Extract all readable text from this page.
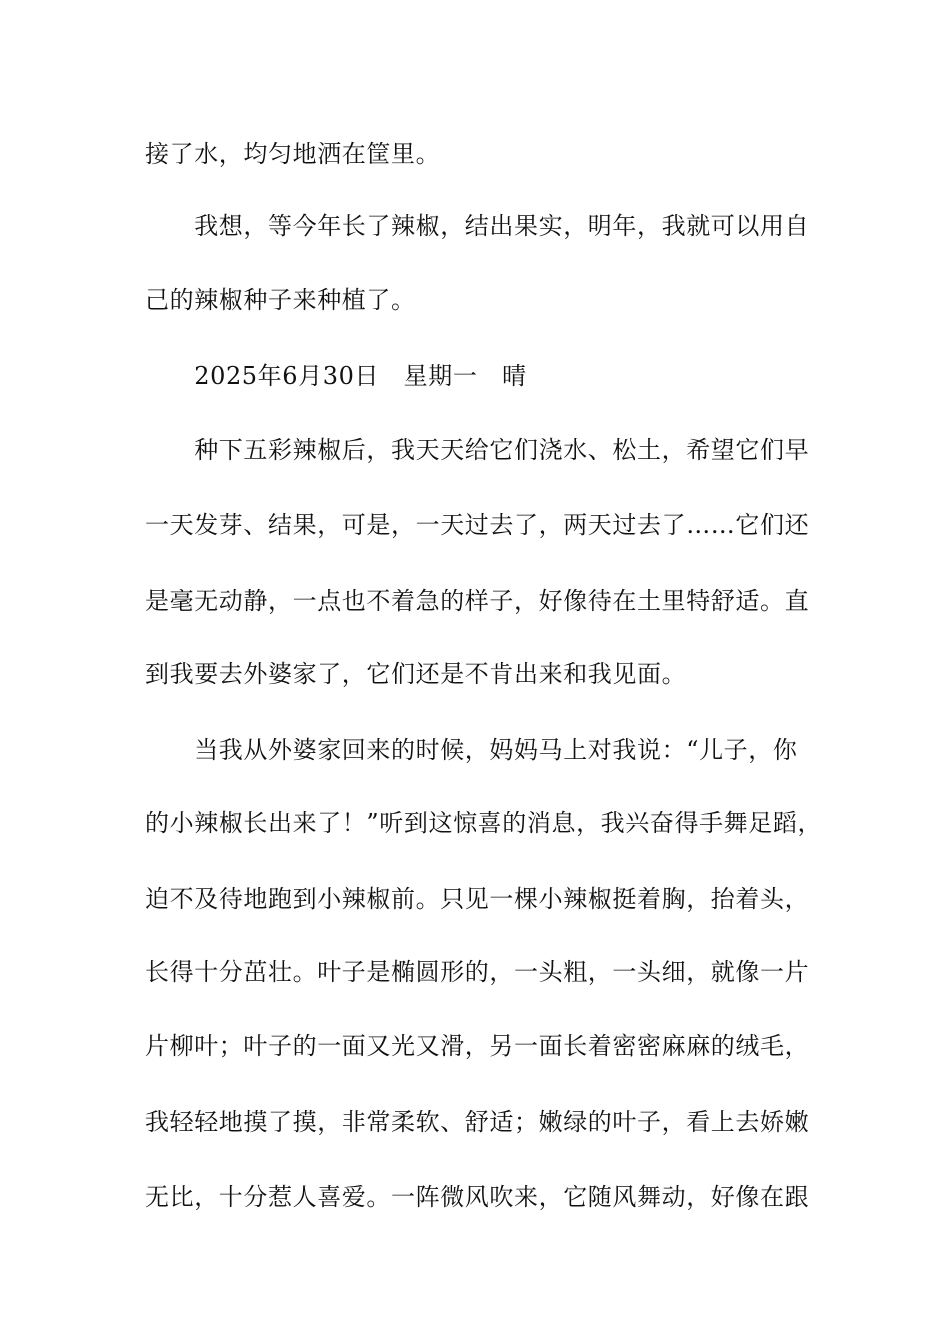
接了水，均匀地洒在筐里。
　　我想，等今年长了辣椒，结出果实，明年，我就可以用自
己的辣椒种子来种植了。
　　2025年6月30日　星期一　晴
　　种下五彩辣椒后，我天天给它们浇水、松土，希望它们早
一天发芽、结果，可是，一天过去了，两天过去了……它们还
是毫无动静，一点也不着急的样子，好像待在土里特舒适。直
到我要去外婆家了，它们还是不肯出来和我见面。
　　当我从外婆家回来的时候，妈妈马上对我说：“儿子，你
的小辣椒长出来了！”听到这惊喜的消息，我兴奋得手舞足蹈，
迫不及待地跑到小辣椒前。只见一棵小辣椒挺着胸，抬着头，
长得十分茁壮。叶子是椭圆形的，一头粗，一头细，就像一片
片柳叶；叶子的一面又光又滑，另一面长着密密麻麻的绒毛，
我轻轻地摸了摸，非常柔软、舒适；嫩绿的叶子，看上去娇嫩
无比，十分惹人喜爱。一阵微风吹来，它随风舞动，好像在跟
